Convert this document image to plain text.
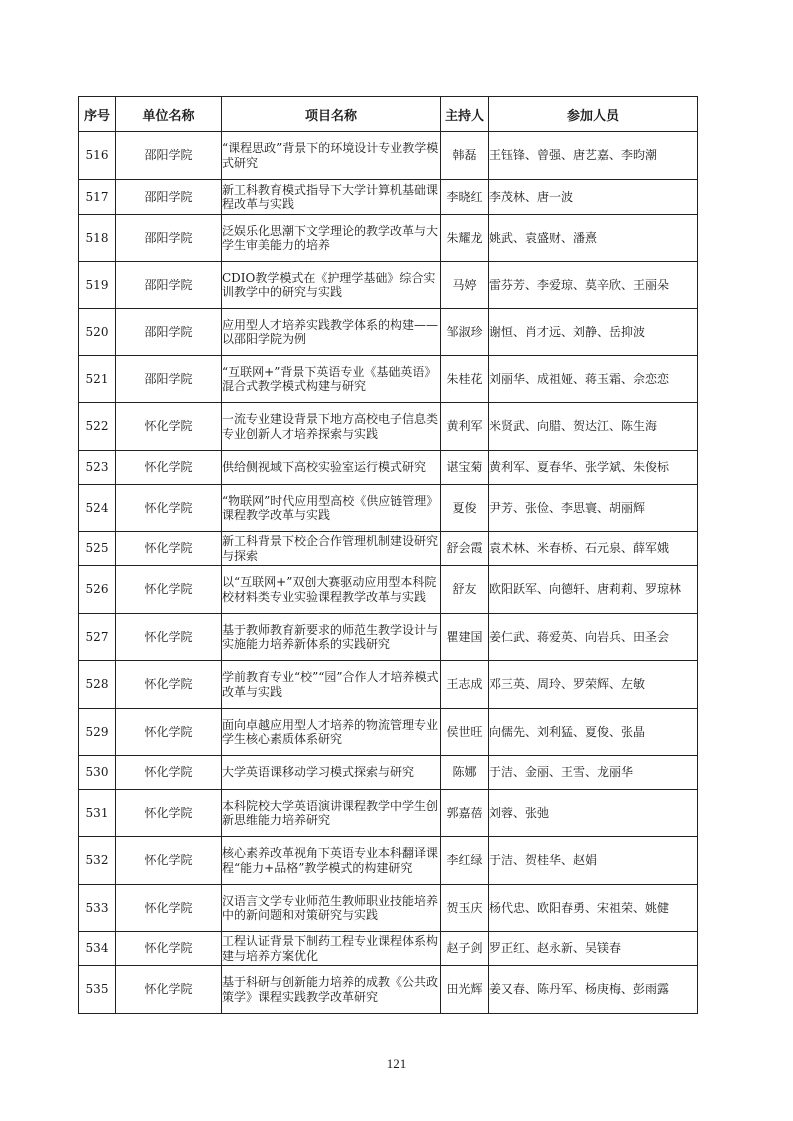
序号	单位名称	项目名称	主持人	参加人员
516	邵阳学院	“课程思政”背景下的环境设计专业教学模式研究	韩磊	王钰锋、曾强、唐艺嘉、李昀潮
517	邵阳学院	新工科教育模式指导下大学计算机基础课程改革与实践	李晓红	李茂林、唐一波
518	邵阳学院	泛娱乐化思潮下文学理论的教学改革与大学生审美能力的培养	朱耀龙	姚武、袁盛财、潘熹
519	邵阳学院	CDIO教学模式在《护理学基础》综合实训教学中的研究与实践	马婷	雷芬芳、李爱琼、莫辛欣、王丽朵
520	邵阳学院	应用型人才培养实践教学体系的构建——以邵阳学院为例	邹淑珍	谢恒、肖才远、刘静、岳抑波
521	邵阳学院	“互联网+”背景下英语专业《基础英语》混合式教学模式构建与研究	朱桂花	刘丽华、成祖娅、蒋玉霜、佘恋恋
522	怀化学院	一流专业建设背景下地方高校电子信息类专业创新人才培养探索与实践	黄利军	米贤武、向腊、贺达江、陈生海
523	怀化学院	供给侧视域下高校实验室运行模式研究	谌宝菊	黄利军、夏春华、张学斌、朱俊标
524	怀化学院	“物联网”时代应用型高校《供应链管理》课程教学改革与实践	夏俊	尹芳、张俭、李思寰、胡丽辉
525	怀化学院	新工科背景下校企合作管理机制建设研究与探索	舒会霞	袁术林、米春桥、石元泉、薛军娥
526	怀化学院	以“互联网+”双创大赛驱动应用型本科院校材料类专业实验课程教学改革与实践	舒友	欧阳跃军、向德轩、唐莉莉、罗琼林
527	怀化学院	基于教师教育新要求的师范生教学设计与实施能力培养新体系的实践研究	瞿建国	姜仁武、蒋爱英、向岩兵、田圣会
528	怀化学院	学前教育专业“校”“园”合作人才培养模式改革与实践	王志成	邓三英、周玲、罗荣辉、左敏
529	怀化学院	面向卓越应用型人才培养的物流管理专业学生核心素质体系研究	侯世旺	向儒先、刘利猛、夏俊、张晶
530	怀化学院	大学英语课移动学习模式探索与研究	陈娜	于洁、金丽、王雪、龙丽华
531	怀化学院	本科院校大学英语演讲课程教学中学生创新思维能力培养研究	郭嘉蓓	刘蓉、张弛
532	怀化学院	核心素养改革视角下英语专业本科翻译课程“能力+品格”教学模式的构建研究	李红绿	于洁、贺桂华、赵娟
533	怀化学院	汉语言文学专业师范生教师职业技能培养中的新问题和对策研究与实践	贺玉庆	杨代忠、欧阳春勇、宋祖荣、姚健
534	怀化学院	工程认证背景下制药工程专业课程体系构建与培养方案优化	赵子剑	罗正红、赵永新、吴镁春
535	怀化学院	基于科研与创新能力培养的成教《公共政策学》课程实践教学改革研究	田光辉	姜又春、陈丹军、杨庚梅、彭雨露
121
